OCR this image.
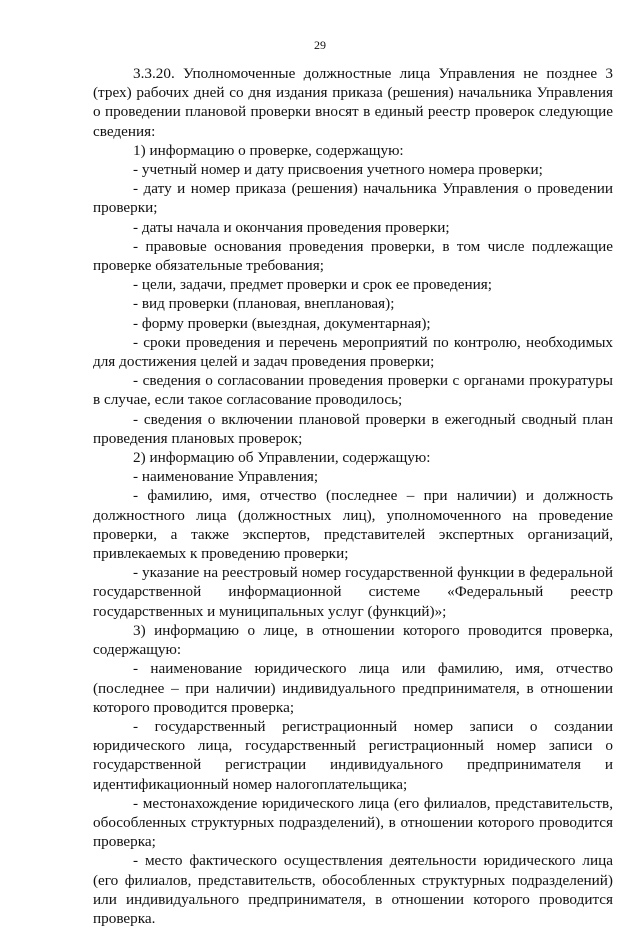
29

3.3.20. Уполномоченные должностные лица Управления не позднее 3 (трех) рабочих дней со дня издания приказа (решения) начальника Управления о проведении плановой проверки вносят в единый реестр проверок следующие сведения:

1) информацию о проверке, содержащую:

- учетный номер и дату присвоения учетного номера проверки;

- дату и номер приказа (решения) начальника Управления о проведении проверки;

- даты начала и окончания проведения проверки;

- правовые основания проведения проверки, в том числе подлежащие проверке обязательные требования;

- цели, задачи, предмет проверки и срок ее проведения;

- вид проверки (плановая, внеплановая);

- форму проверки (выездная, документарная);

- сроки проведения и перечень мероприятий по контролю, необходимых для достижения целей и задач проведения проверки;

- сведения о согласовании проведения проверки с органами прокуратуры в случае, если такое согласование проводилось;

- сведения о включении плановой проверки в ежегодный сводный план проведения плановых проверок;

2) информацию об Управлении, содержащую:

- наименование Управления;

- фамилию, имя, отчество (последнее – при наличии) и должность должностного лица (должностных лиц), уполномоченного на проведение проверки, а также экспертов, представителей экспертных организаций, привлекаемых к проведению проверки;

- указание на реестровый номер государственной функции в федеральной государственной информационной системе «Федеральный реестр государственных и муниципальных услуг (функций)»;

3) информацию о лице, в отношении которого проводится проверка, содержащую:

- наименование юридического лица или фамилию, имя, отчество (последнее – при наличии) индивидуального предпринимателя, в отношении которого проводится проверка;

- государственный регистрационный номер записи о создании юридического лица, государственный регистрационный номер записи о государственной регистрации индивидуального предпринимателя и идентификационный номер налогоплательщика;

- местонахождение юридического лица (его филиалов, представительств, обособленных структурных подразделений), в отношении которого проводится проверка;

- место фактического осуществления деятельности юридического лица (его филиалов, представительств, обособленных структурных подразделений) или индивидуального предпринимателя, в отношении которого проводится проверка.
